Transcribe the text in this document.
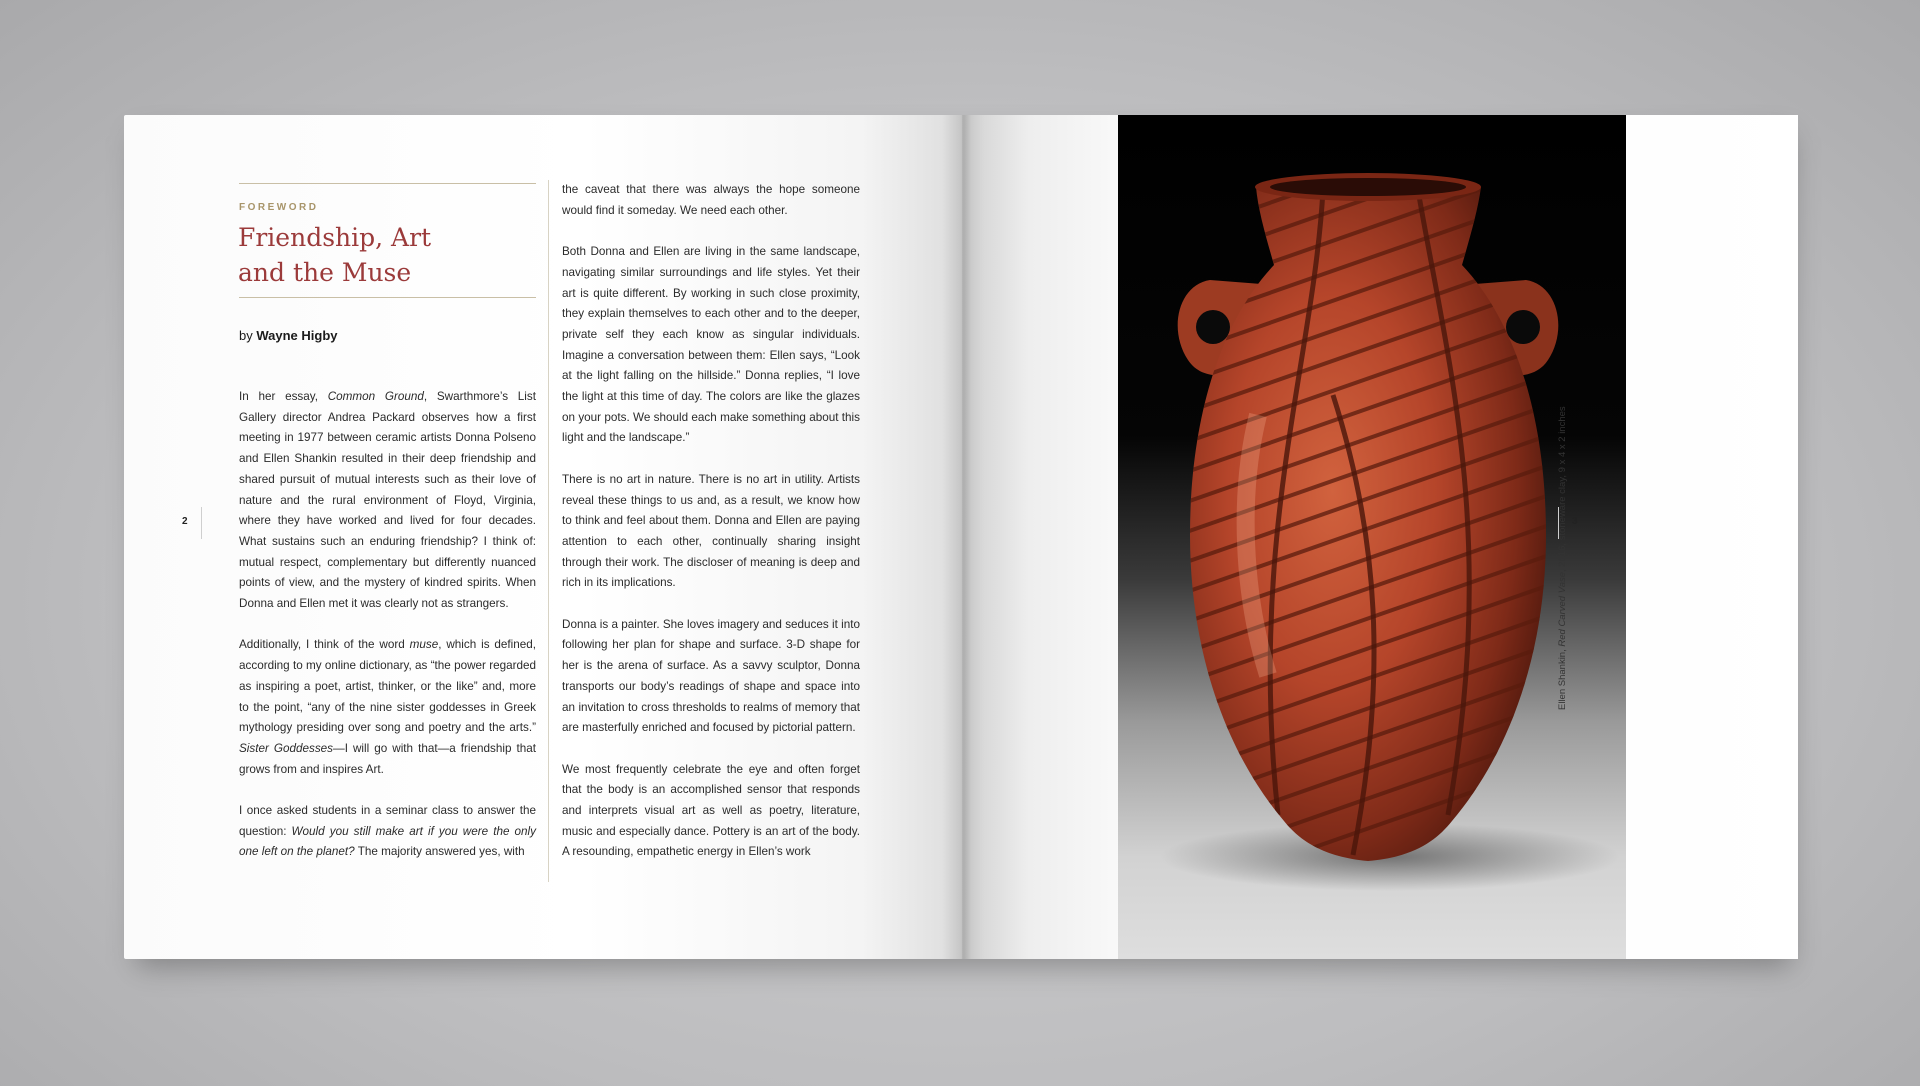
FOREWORD
Friendship, Art
and the Muse
by Wayne Higby

In her essay, Common Ground, Swarthmore’s List Gallery director Andrea Packard observes how a first meeting in 1977 between ceramic artists Donna Polseno and Ellen Shankin resulted in their deep friendship and shared pursuit of mutual interests such as their love of nature and the rural environment of Floyd, Virginia, where they have worked and lived for four decades. What sustains such an enduring friendship? I think of: mutual respect, complementary but differently nuanced points of view, and the mystery of kindred spirits. When Donna and Ellen met it was clearly not as strangers.

Additionally, I think of the word muse, which is defined, according to my online dictionary, as “the power regarded as inspiring a poet, artist, thinker, or the like” and, more to the point, “any of the nine sister goddesses in Greek mythology presiding over song and poetry and the arts.” Sister Goddesses—I will go with that—a friendship that grows from and inspires Art.

I once asked students in a seminar class to answer the question: Would you still make art if you were the only one left on the planet? The majority answered yes, with

the caveat that there was always the hope someone would find it someday. We need each other.

Both Donna and Ellen are living in the same landscape, navigating similar surroundings and life styles. Yet their art is quite different. By working in such close proximity, they explain themselves to each other and to the deeper, private self they each know as singular individuals. Imagine a conversation between them: Ellen says, “Look at the light falling on the hillside.” Donna replies, “I love the light at this time of day. The colors are like the glazes on your pots. We should each make something about this light and the landscape.”

There is no art in nature. There is no art in utility. Artists reveal these things to us and, as a result, we know how to think and feel about them. Donna and Ellen are paying attention to each other, continually sharing insight through their work. The discloser of meaning is deep and rich in its implications.

Donna is a painter. She loves imagery and seduces it into following her plan for shape and surface. 3-D shape for her is the arena of surface. As a savvy sculptor, Donna transports our body’s readings of shape and space into an invitation to cross thresholds to realms of memory that are masterfully enriched and focused by pictorial pattern.

We most frequently celebrate the eye and often forget that the body is an accomplished sensor that responds and interprets visual art as well as poetry, literature, music and especially dance. Pottery is an art of the body. A resounding, empathetic energy in Ellen’s work

2	3
Ellen Shankin, Red Carved Vase, 2016, stoneware clay, 9 x 4 x 2 inches
